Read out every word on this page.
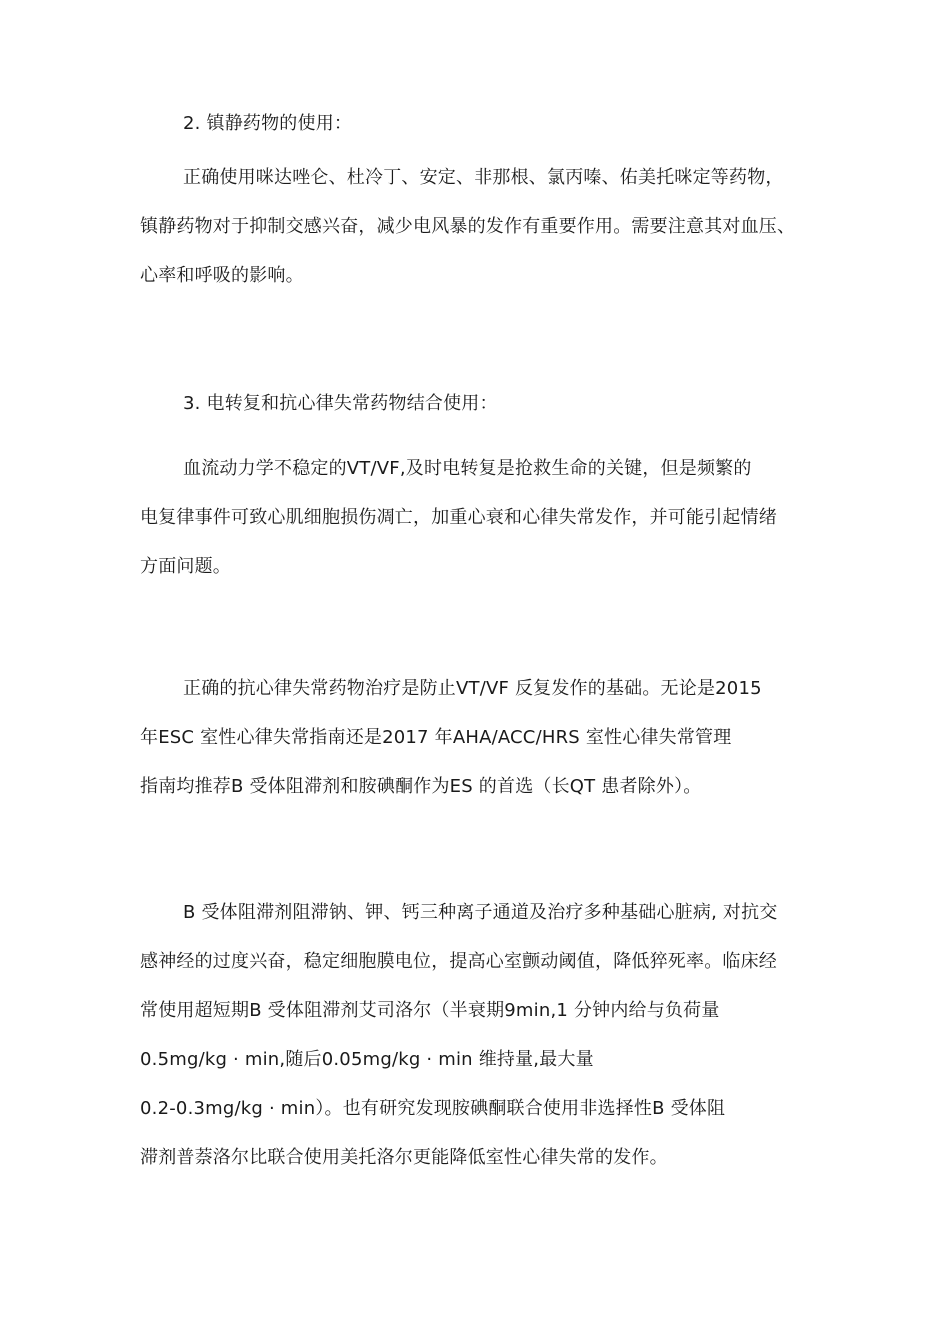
2. 镇静药物的使用：
正确使用咪达唑仑、杜冷丁、安定、非那根、氯丙嗪、佑美托咪定等药物，
镇静药物对于抑制交感兴奋，减少电风暴的发作有重要作用。需要注意其对血压、
心率和呼吸的影响。
3. 电转复和抗心律失常药物结合使用：
血流动力学不稳定的VT/VF,及时电转复是抢救生命的关键，但是频繁的
电复律事件可致心肌细胞损伤凋亡，加重心衰和心律失常发作，并可能引起情绪
方面问题。
正确的抗心律失常药物治疗是防止VT/VF 反复发作的基础。无论是2015
年ESC 室性心律失常指南还是2017 年AHA/ACC/HRS 室性心律失常管理
指南均推荐B 受体阻滞剂和胺碘酮作为ES 的首选（长QT 患者除外）。
B 受体阻滞剂阻滞钠、钾、钙三种离子通道及治疗多种基础心脏病, 对抗交
感神经的过度兴奋，稳定细胞膜电位，提高心室颤动阈值，降低猝死率。临床经
常使用超短期B 受体阻滞剂艾司洛尔（半衰期9min,1 分钟内给与负荷量
0.5mg/kg · min,随后0.05mg/kg · min 维持量,最大量
0.2-0.3mg/kg · min）。也有研究发现胺碘酮联合使用非选择性B 受体阻
滞剂普萘洛尔比联合使用美托洛尔更能降低室性心律失常的发作。
